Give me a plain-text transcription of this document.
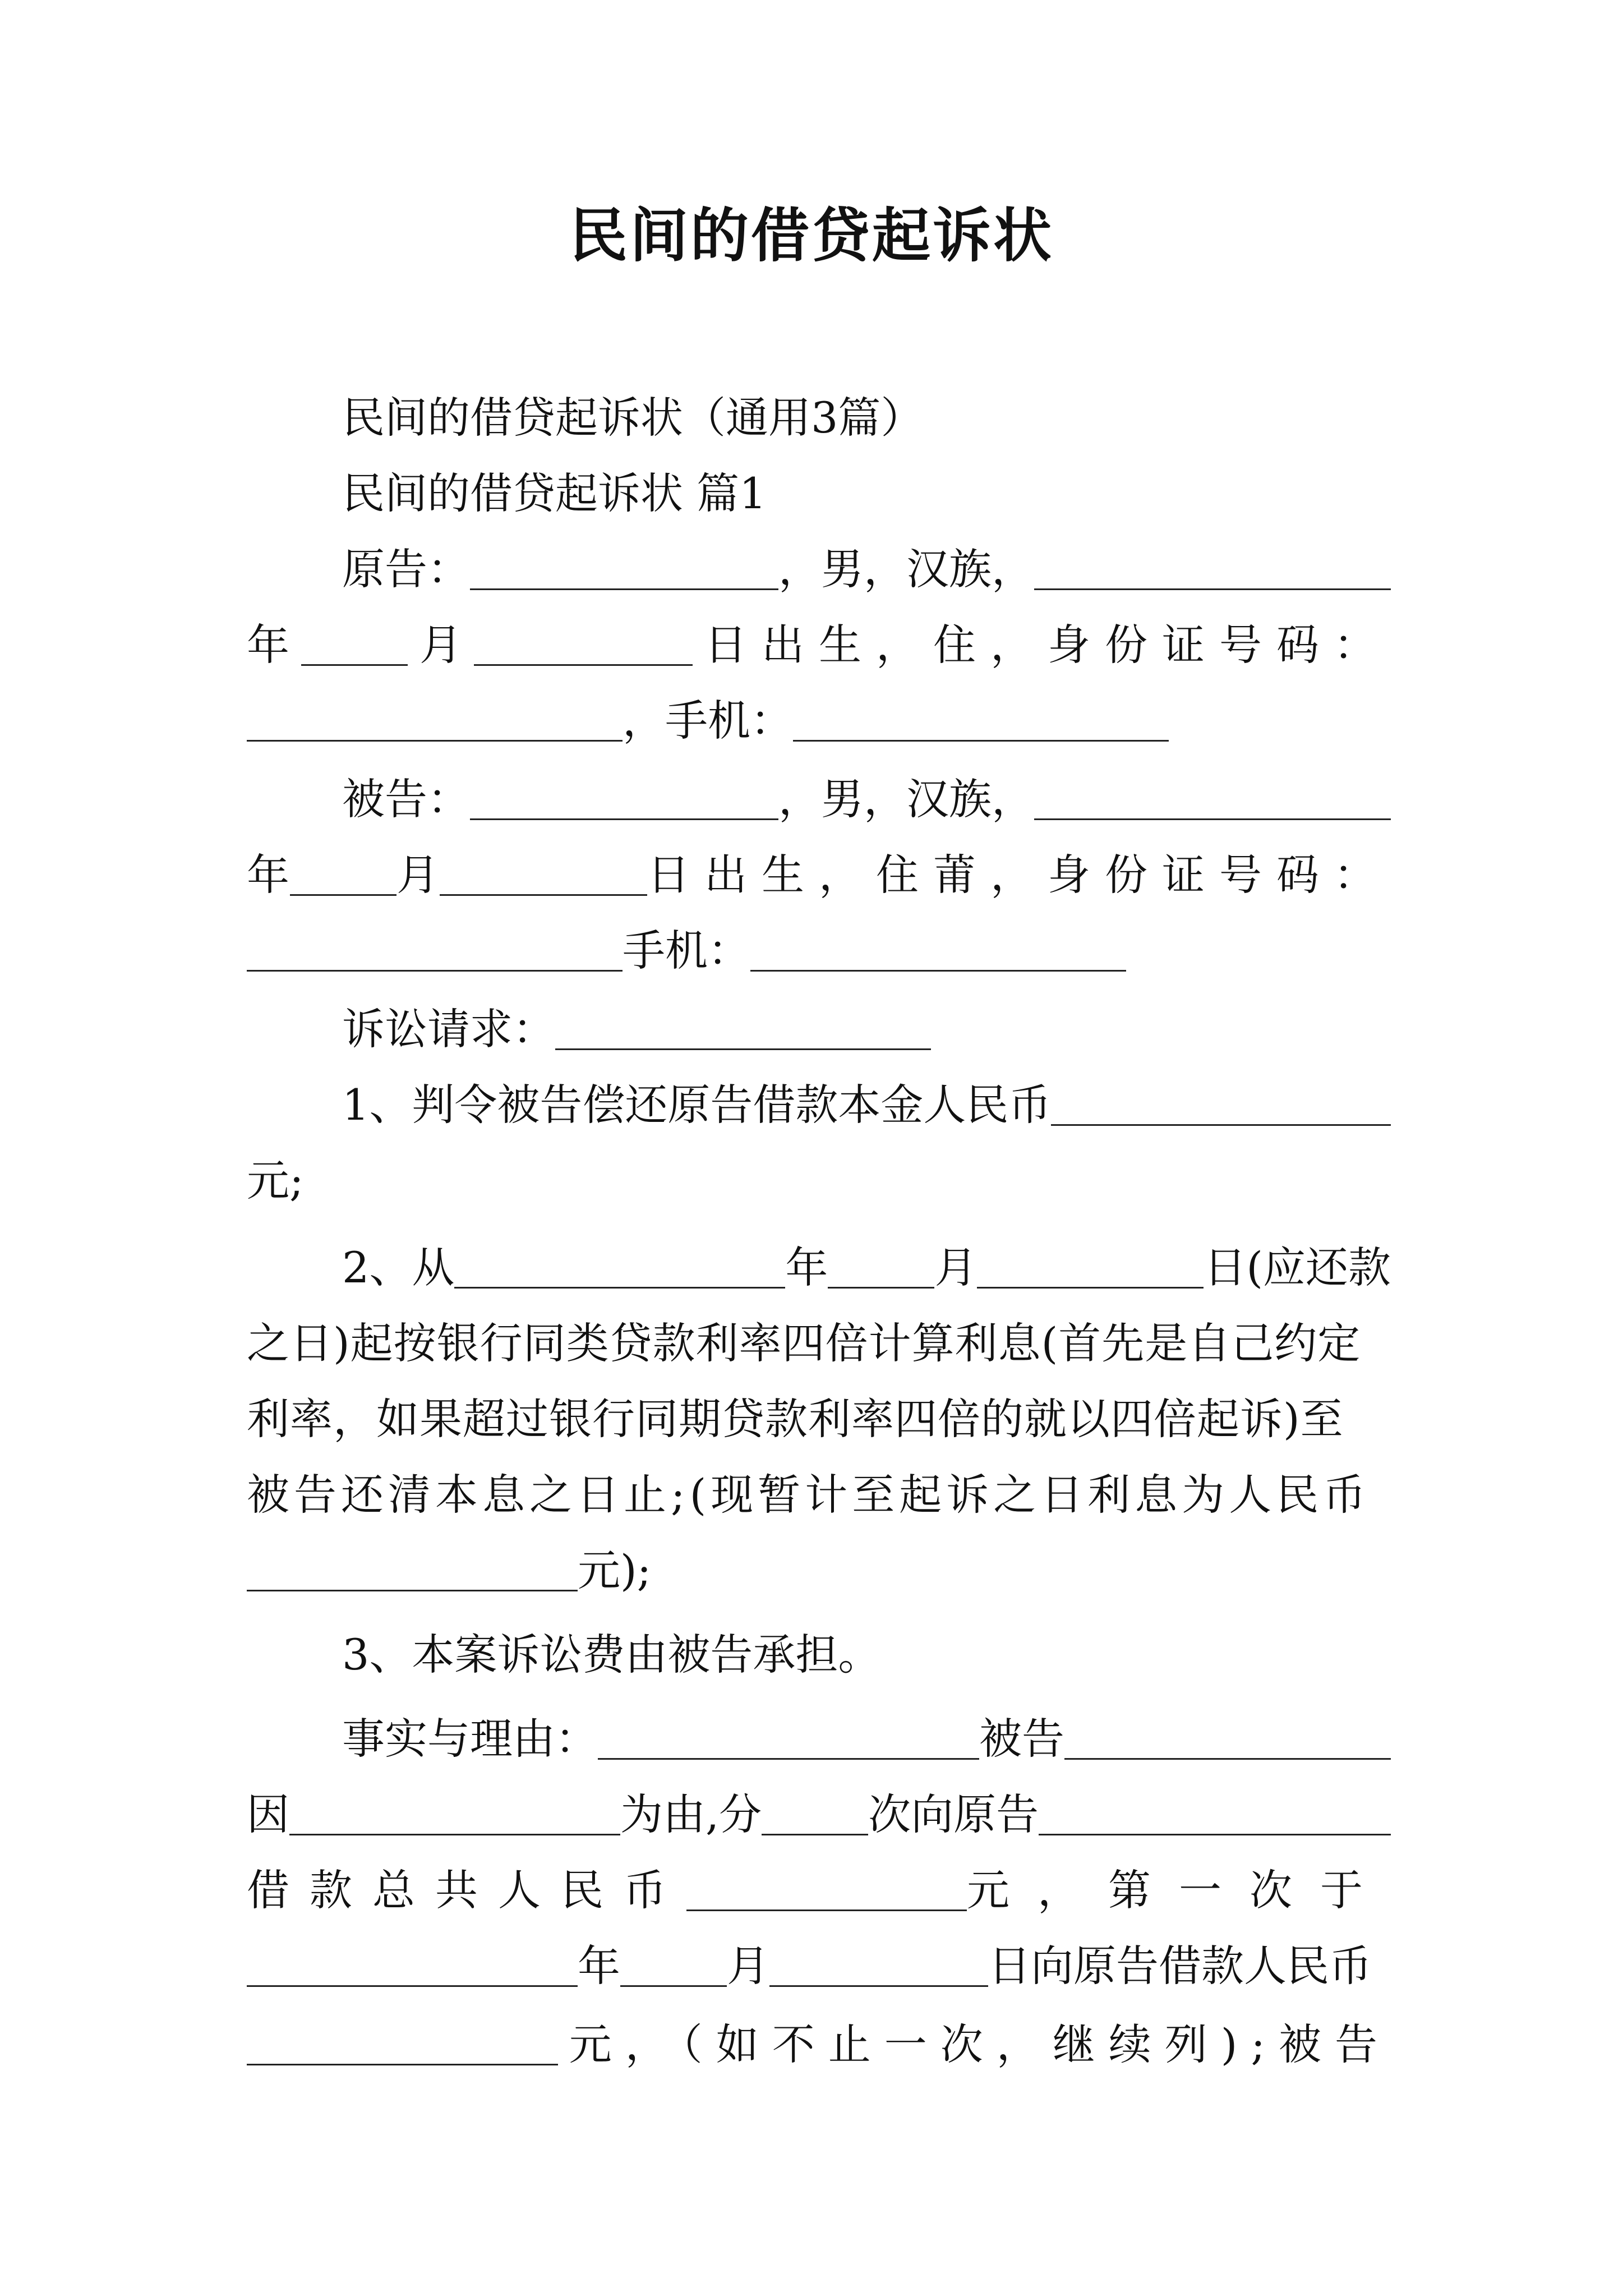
民间的借贷起诉状
民间的借贷起诉状（通用3篇）
民间的借贷起诉状 篇1
原告：	，男，汉族，
年	月	日出生，住，身份证号码：
，手机：
被告：	，男，汉族，
年	月	日出生，住莆，身份证号码：
手机：
诉讼请求：
1、判令被告偿还原告借款本金人民币
元;
2、从	年	月	日(应还款
之日)起按银行同类贷款利率四倍计算利息(首先是自己约定
利率，如果超过银行同期贷款利率四倍的就以四倍起诉)至
被告还清本息之日止;(现暂计至起诉之日利息为人民币
元);
3、本案诉讼费由被告承担。
事实与理由：	被告
因	为由,分	次向原告
借款总共人民币	元，第一次于
年	月	日向原告借款人民币
元，（如不止一次，继续列);被告
